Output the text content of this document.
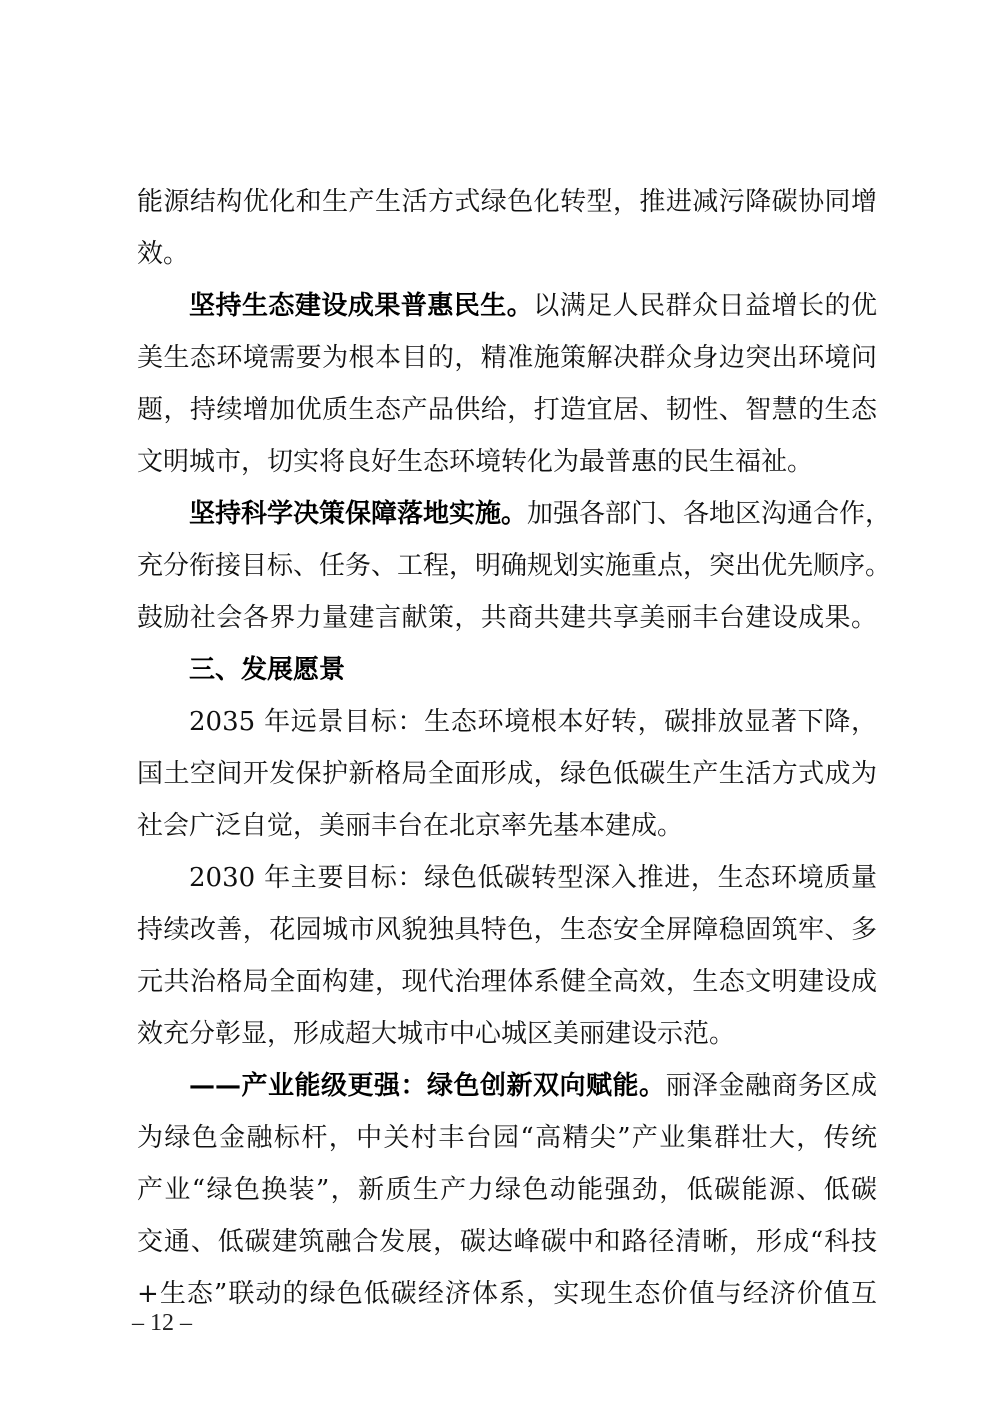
能源结构优化和生产生活方式绿色化转型，推进减污降碳协同增
效。
坚持生态建设成果普惠民生。以满足人民群众日益增长的优
美生态环境需要为根本目的，精准施策解决群众身边突出环境问
题，持续增加优质生态产品供给，打造宜居、韧性、智慧的生态
文明城市，切实将良好生态环境转化为最普惠的民生福祉。
坚持科学决策保障落地实施。加强各部门、各地区沟通合作，
充分衔接目标、任务、工程，明确规划实施重点，突出优先顺序。
鼓励社会各界力量建言献策，共商共建共享美丽丰台建设成果。
三、发展愿景
2035 年远景目标：生态环境根本好转，碳排放显著下降，
国土空间开发保护新格局全面形成，绿色低碳生产生活方式成为
社会广泛自觉，美丽丰台在北京率先基本建成。
2030 年主要目标：绿色低碳转型深入推进，生态环境质量
持续改善，花园城市风貌独具特色，生态安全屏障稳固筑牢、多
元共治格局全面构建，现代治理体系健全高效，生态文明建设成
效充分彰显，形成超大城市中心城区美丽建设示范。
——产业能级更强：绿色创新双向赋能。丽泽金融商务区成
为绿色金融标杆，中关村丰台园“高精尖”产业集群壮大，传统
产业“绿色换装”，新质生产力绿色动能强劲，低碳能源、低碳
交通、低碳建筑融合发展，碳达峰碳中和路径清晰，形成“科技
+生态”联动的绿色低碳经济体系，实现生态价值与经济价值互
– 12 –
